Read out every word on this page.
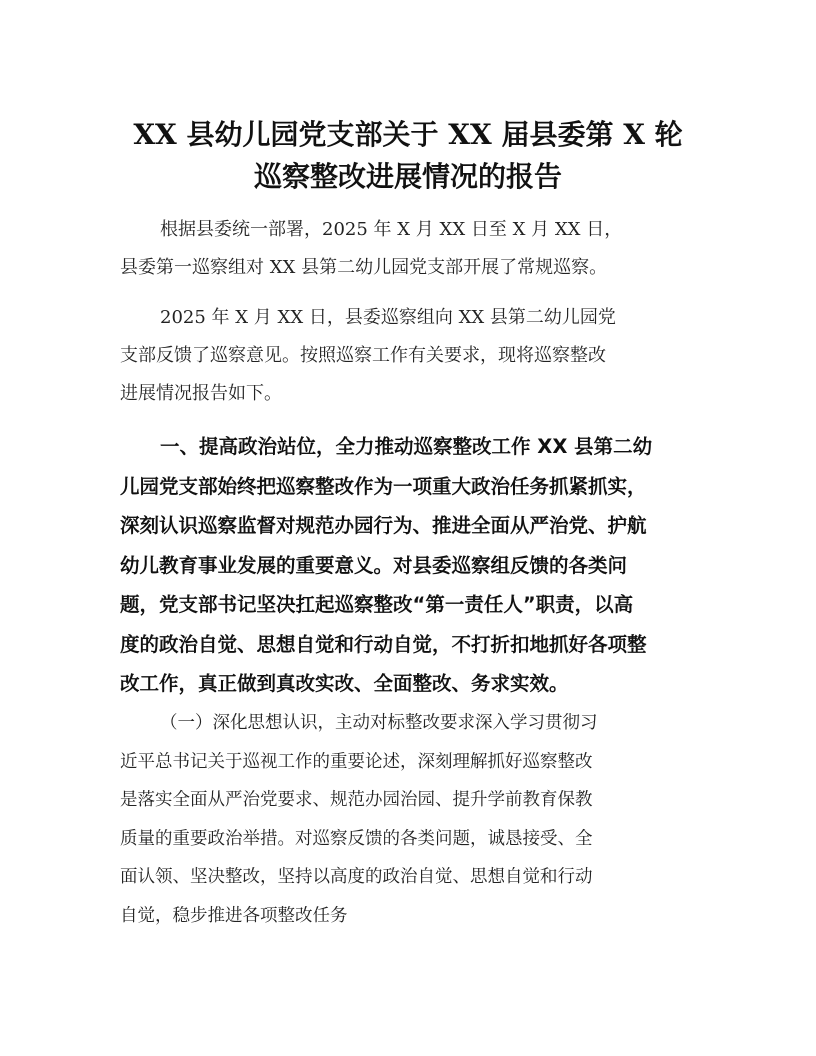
XX 县幼儿园党支部关于 XX 届县委第 X 轮
巡察整改进展情况的报告
根据县委统一部署，2025 年 X 月 XX 日至 X 月 XX 日，
县委第一巡察组对 XX 县第二幼儿园党支部开展了常规巡察。
2025 年 X 月 XX 日，县委巡察组向 XX 县第二幼儿园党
支部反馈了巡察意见。按照巡察工作有关要求，现将巡察整改
进展情况报告如下。
一、提高政治站位，全力推动巡察整改工作 XX 县第二幼
儿园党支部始终把巡察整改作为一项重大政治任务抓紧抓实，
深刻认识巡察监督对规范办园行为、推进全面从严治党、护航
幼儿教育事业发展的重要意义。对县委巡察组反馈的各类问
题，党支部书记坚决扛起巡察整改“第一责任人”职责，以高
度的政治自觉、思想自觉和行动自觉，不打折扣地抓好各项整
改工作，真正做到真改实改、全面整改、务求实效。
（一）深化思想认识，主动对标整改要求深入学习贯彻习
近平总书记关于巡视工作的重要论述，深刻理解抓好巡察整改
是落实全面从严治党要求、规范办园治园、提升学前教育保教
质量的重要政治举措。对巡察反馈的各类问题，诚恳接受、全
面认领、坚决整改，坚持以高度的政治自觉、思想自觉和行动
自觉，稳步推进各项整改任务
